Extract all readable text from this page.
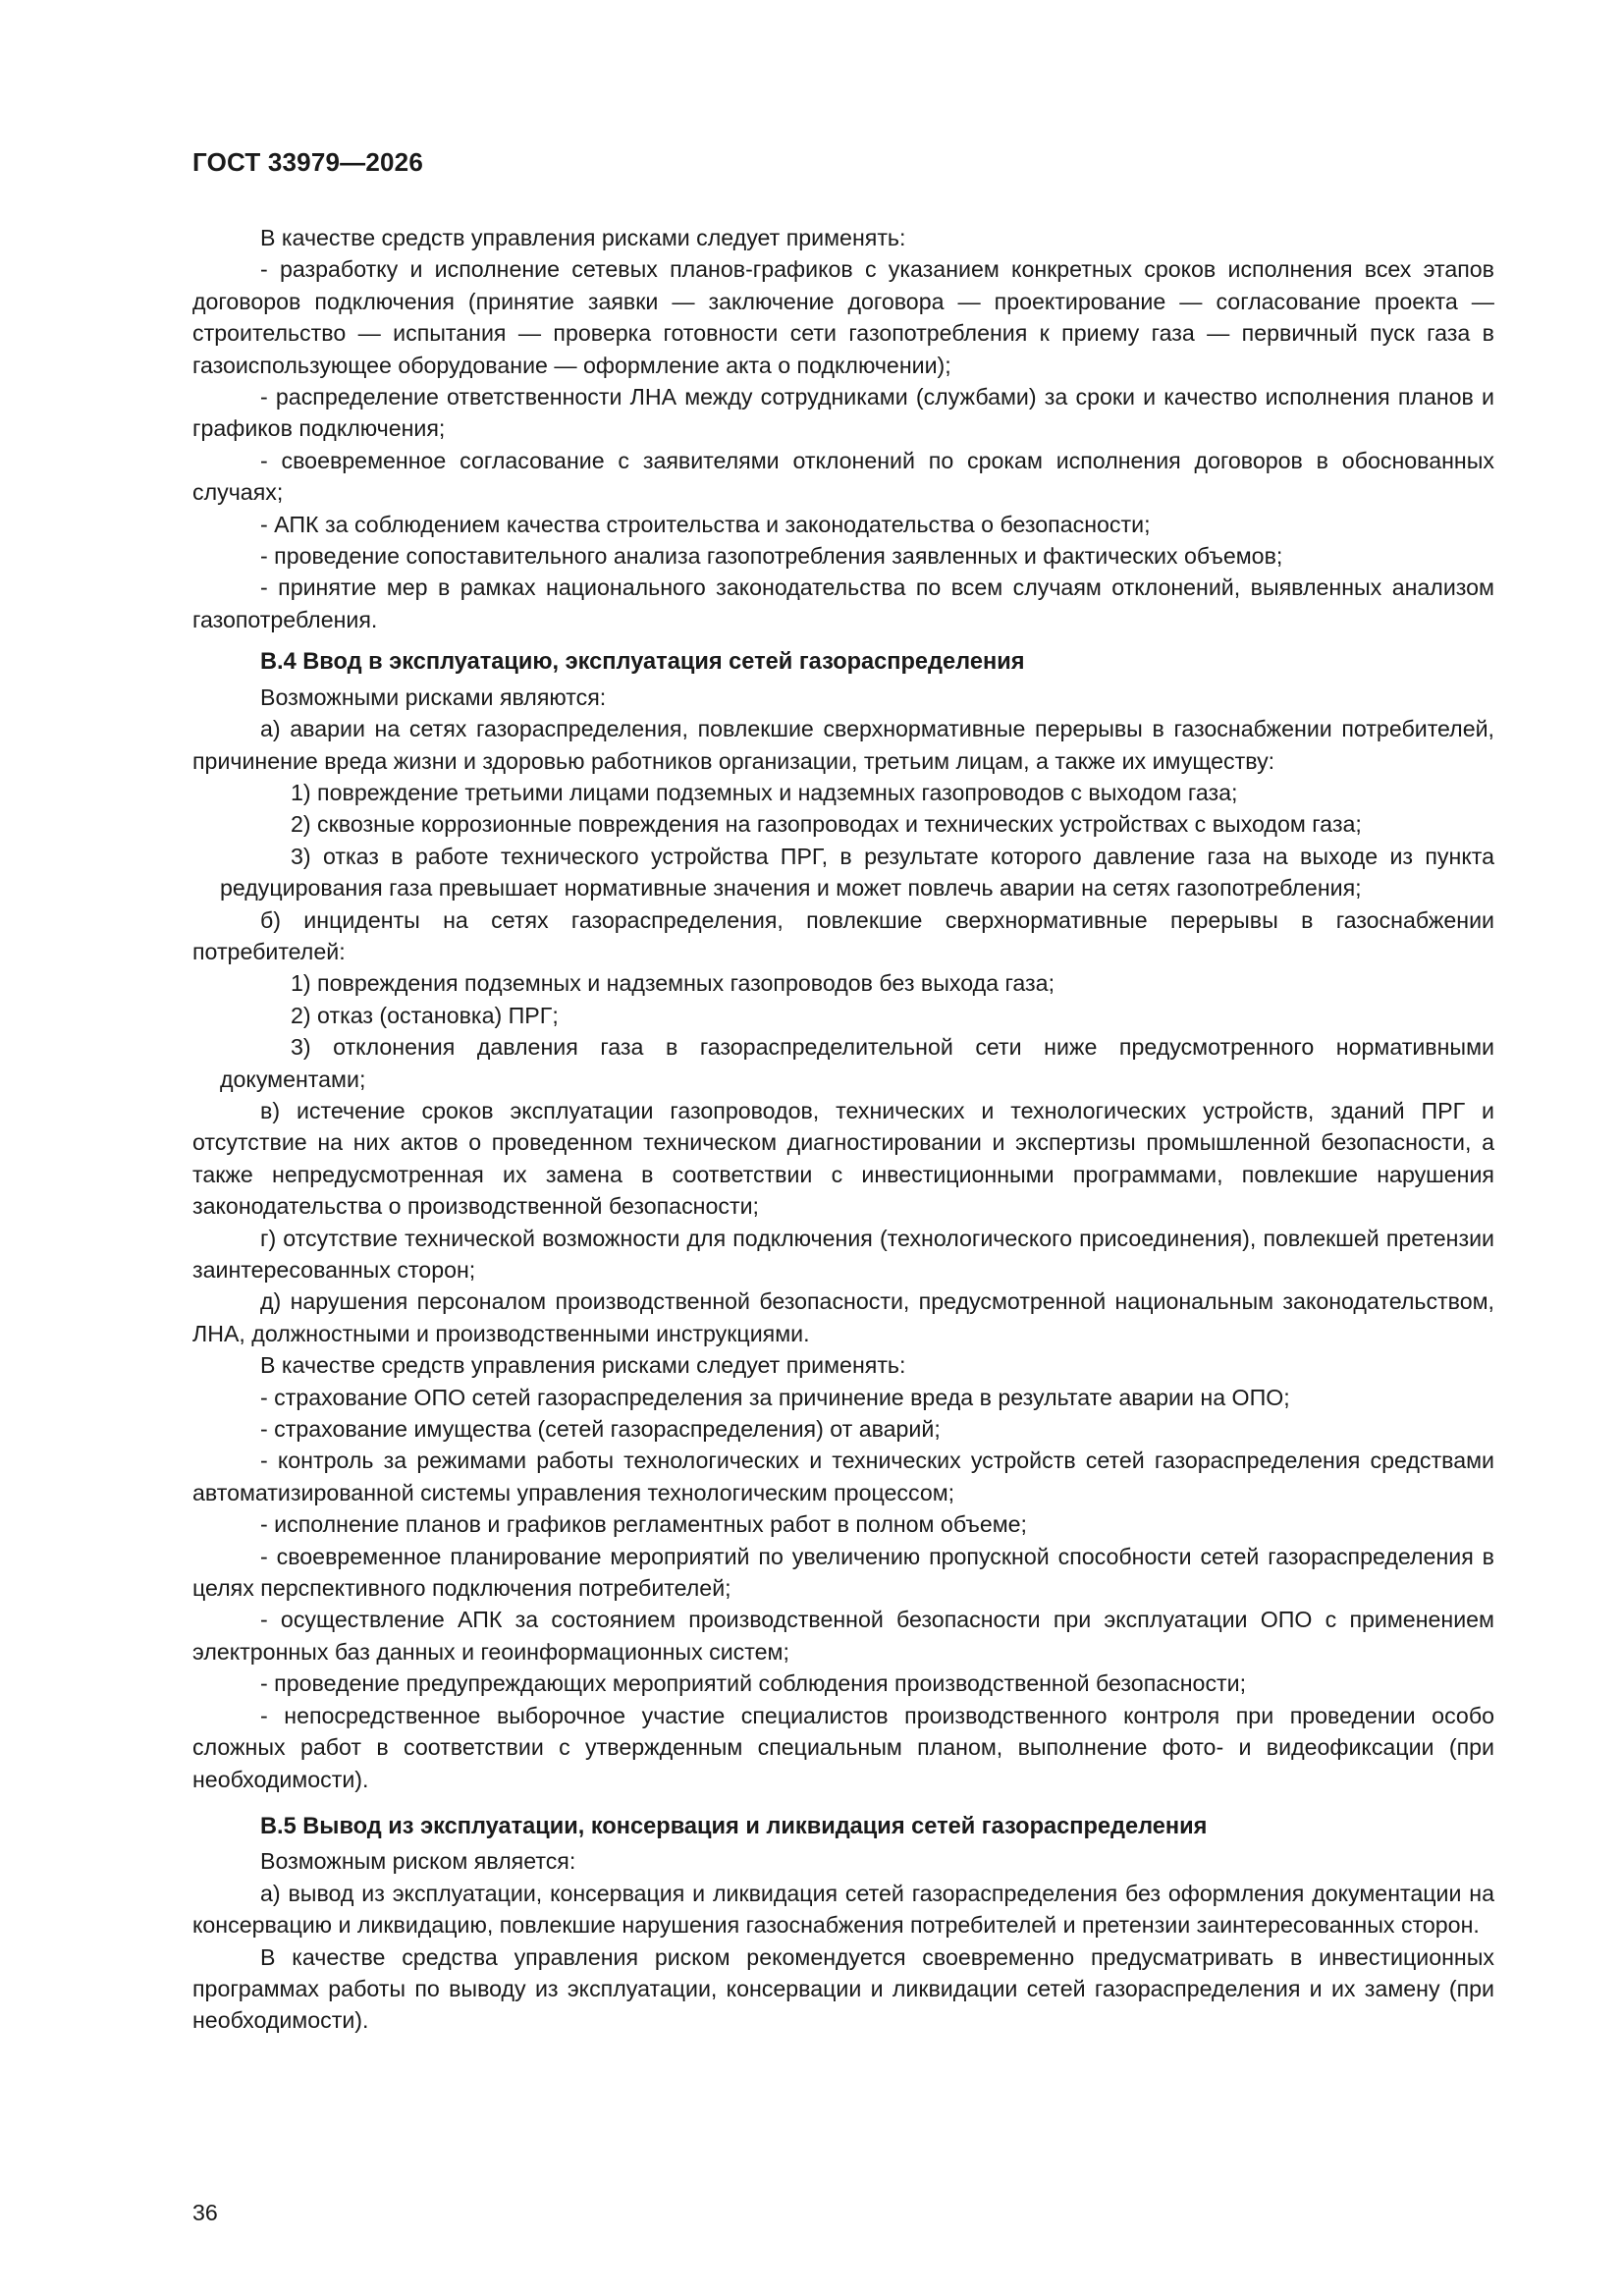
ГОСТ 33979—2026

В качестве средств управления рисками следует применять:

- разработку и исполнение сетевых планов-графиков с указанием конкретных сроков исполнения всех этапов договоров подключения (принятие заявки — заключение договора — проектирование — согласование проекта — строительство — испытания — проверка готовности сети газопотребления к приему газа — первичный пуск газа в газоиспользующее оборудование — оформление акта о подключении);

- распределение ответственности ЛНА между сотрудниками (службами) за сроки и качество исполнения планов и графиков подключения;

- своевременное согласование с заявителями отклонений по срокам исполнения договоров в обоснованных случаях;

- АПК за соблюдением качества строительства и законодательства о безопасности;

- проведение сопоставительного анализа газопотребления заявленных и фактических объемов;

- принятие мер в рамках национального законодательства по всем случаям отклонений, выявленных анализом газопотребления.

В.4 Ввод в эксплуатацию, эксплуатация сетей газораспределения

Возможными рисками являются:

а) аварии на сетях газораспределения, повлекшие сверхнормативные перерывы в газоснабжении потребителей, причинение вреда жизни и здоровью работников организации, третьим лицам, а также их имуществу:

1) повреждение третьими лицами подземных и надземных газопроводов с выходом газа;

2) сквозные коррозионные повреждения на газопроводах и технических устройствах с выходом газа;

3) отказ в работе технического устройства ПРГ, в результате которого давление газа на выходе из пункта редуцирования газа превышает нормативные значения и может повлечь аварии на сетях газопотребления;

б) инциденты на сетях газораспределения, повлекшие сверхнормативные перерывы в газоснабжении потребителей:

1) повреждения подземных и надземных газопроводов без выхода газа;

2) отказ (остановка) ПРГ;

3) отклонения давления газа в газораспределительной сети ниже предусмотренного нормативными документами;

в) истечение сроков эксплуатации газопроводов, технических и технологических устройств, зданий ПРГ и отсутствие на них актов о проведенном техническом диагностировании и экспертизы промышленной безопасности, а также непредусмотренная их замена в соответствии с инвестиционными программами, повлекшие нарушения законодательства о производственной безопасности;

г) отсутствие технической возможности для подключения (технологического присоединения), повлекшей претензии заинтересованных сторон;

д) нарушения персоналом производственной безопасности, предусмотренной национальным законодательством, ЛНА, должностными и производственными инструкциями.

В качестве средств управления рисками следует применять:

- страхование ОПО сетей газораспределения за причинение вреда в результате аварии на ОПО;

- страхование имущества (сетей газораспределения) от аварий;

- контроль за режимами работы технологических и технических устройств сетей газораспределения средствами автоматизированной системы управления технологическим процессом;

- исполнение планов и графиков регламентных работ в полном объеме;

- своевременное планирование мероприятий по увеличению пропускной способности сетей газораспределения в целях перспективного подключения потребителей;

- осуществление АПК за состоянием производственной безопасности при эксплуатации ОПО с применением электронных баз данных и геоинформационных систем;

- проведение предупреждающих мероприятий соблюдения производственной безопасности;

- непосредственное выборочное участие специалистов производственного контроля при проведении особо сложных работ в соответствии с утвержденным специальным планом, выполнение фото- и видеофиксации (при необходимости).

В.5 Вывод из эксплуатации, консервация и ликвидация сетей газораспределения

Возможным риском является:

а) вывод из эксплуатации, консервация и ликвидация сетей газораспределения без оформления документации на консервацию и ликвидацию, повлекшие нарушения газоснабжения потребителей и претензии заинтересованных сторон.

В качестве средства управления риском рекомендуется своевременно предусматривать в инвестиционных программах работы по выводу из эксплуатации, консервации и ликвидации сетей газораспределения и их замену (при необходимости).

36
